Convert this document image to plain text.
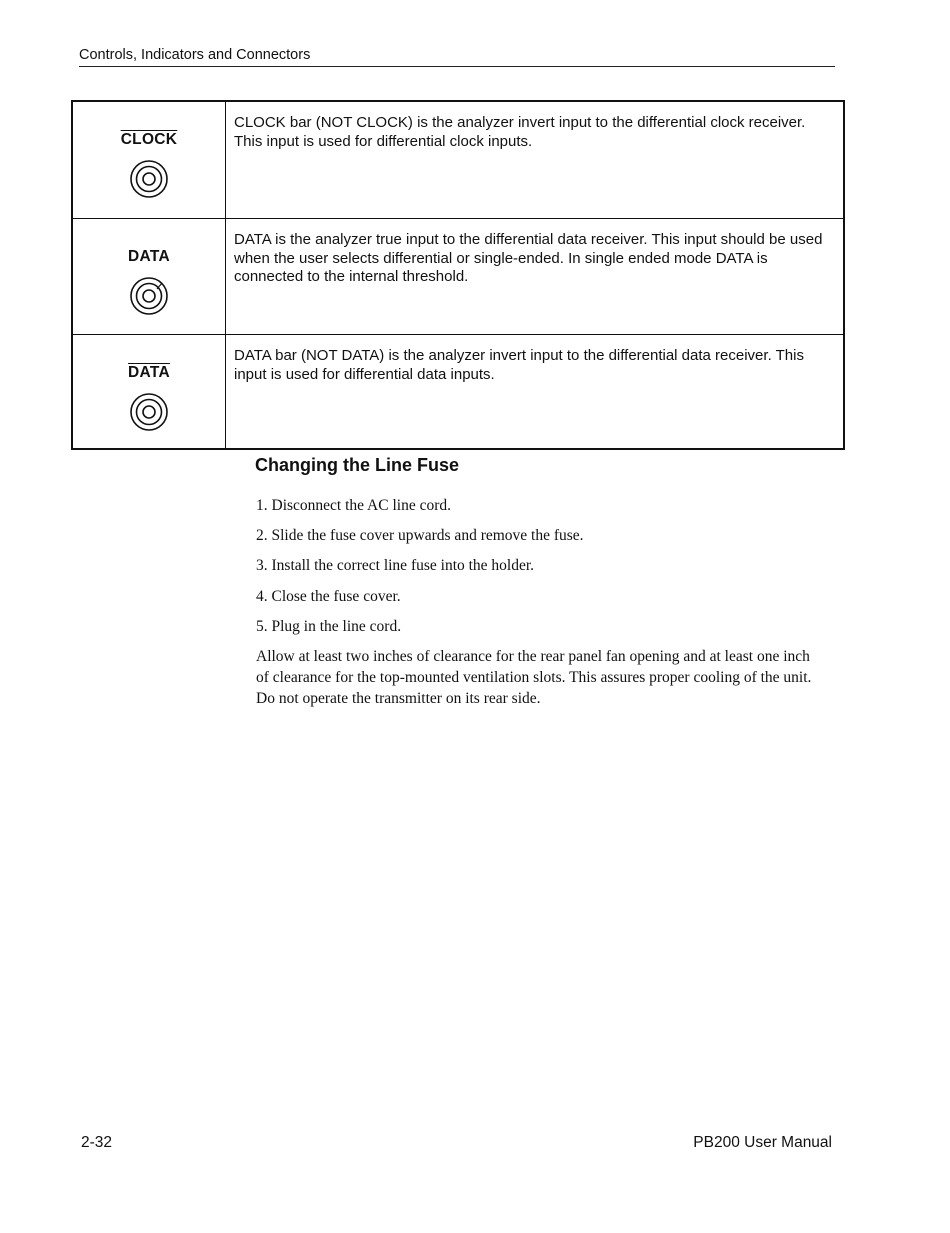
Controls, Indicators and Connectors
CLOCK	CLOCK bar (NOT CLOCK) is the analyzer invert input to the differential clock receiver. This input is used for differential clock inputs.
DATA	DATA is the analyzer true input to the differential data receiver. This input should be used when the user selects differential or single-ended. In single ended mode DATA is connected to the internal threshold.
DATA	DATA bar (NOT DATA) is the analyzer invert input to the differential data receiver. This input is used for differential data inputs.
Changing the Line Fuse
1. Disconnect the AC line cord.
2. Slide the fuse cover upwards and remove the fuse.
3. Install the correct line fuse into the holder.
4. Close the fuse cover.
5. Plug in the line cord.

Allow at least two inches of clearance for the rear panel fan opening and at least one inch of clearance for the top-mounted ventilation slots. This assures proper cooling of the unit. Do not operate the transmitter on its rear side.

2-32	PB200 User Manual
